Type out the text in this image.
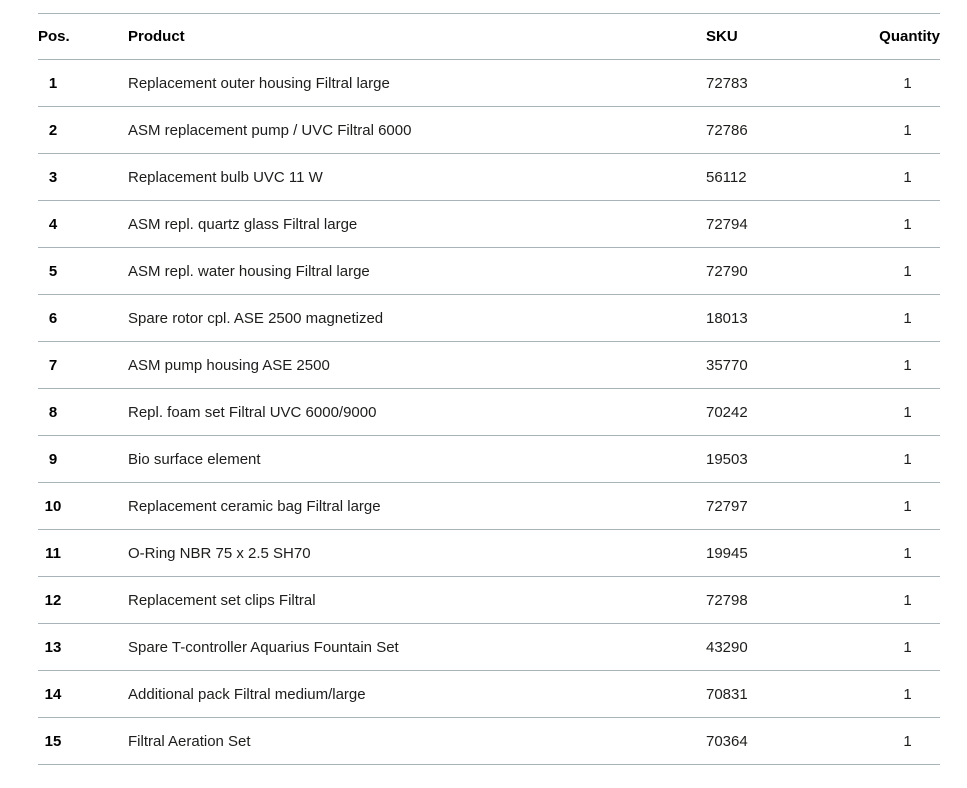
Pos.	Product	SKU	Quantity
1	Replacement outer housing Filtral large	72783	1
2	ASM replacement pump / UVC Filtral 6000	72786	1
3	Replacement bulb UVC 11 W	56112	1
4	ASM repl. quartz glass Filtral large	72794	1
5	ASM repl. water housing Filtral large	72790	1
6	Spare rotor cpl. ASE 2500 magnetized	18013	1
7	ASM pump housing ASE 2500	35770	1
8	Repl. foam set Filtral UVC 6000/9000	70242	1
9	Bio surface element	19503	1
10	Replacement ceramic bag Filtral large	72797	1
11	O-Ring NBR 75 x 2.5 SH70	19945	1
12	Replacement set clips Filtral	72798	1
13	Spare T-controller Aquarius Fountain Set	43290	1
14	Additional pack Filtral medium/large	70831	1
15	Filtral Aeration Set	70364	1
